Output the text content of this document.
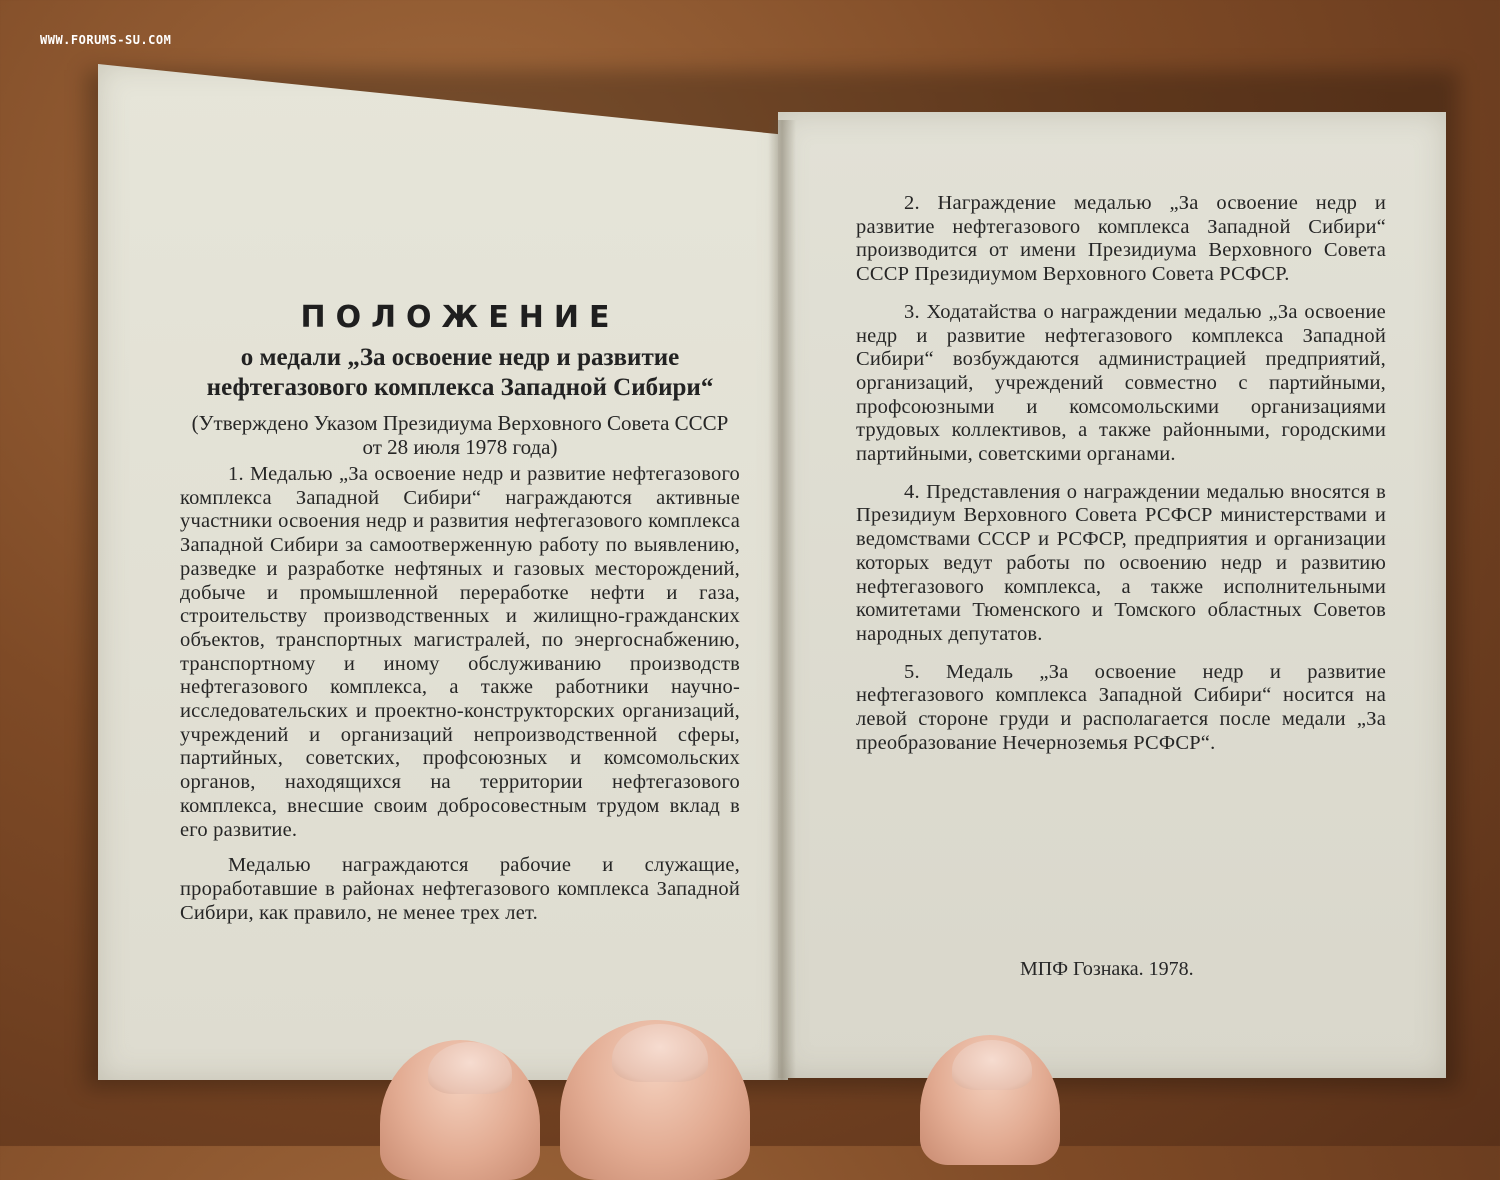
WWW.FORUMS-SU.COM
ПОЛОЖЕНИЕ

о медали „За освоение недр и развитие

нефтегазового комплекса Западной Сибири“

(Утверждено Указом Президиума Верховного Совета СССР от 28 июля 1978 года)

1. Медалью „За освоение недр и развитие нефтегазового комплекса Западной Сибири“ награждаются активные участники освоения недр и развития нефтегазового комплекса Западной Сибири за самоотверженную работу по выявлению, разведке и разработке нефтяных и газовых месторождений, добыче и промышленной переработке нефти и газа, строительству производственных и жилищно-гражданских объектов, транспортных магистралей, по энергоснабжению, транспортному и иному обслуживанию производств нефтегазового комплекса, а также работники научно-исследовательских и проектно-конструкторских организаций, учреждений и организаций непроизводственной сферы, партийных, советских, профсоюзных и комсомольских органов, находящихся на территории нефтегазового комплекса, внесшие своим добросовестным трудом вклад в его развитие.

Медалью награждаются рабочие и служащие, проработавшие в районах нефтегазового комплекса Западной Сибири, как правило, не менее трех лет.

2. Награждение медалью „За освоение недр и развитие нефтегазового комплекса Западной Сибири“ производится от имени Президиума Верховного Совета СССР Президиумом Верховного Совета РСФСР.

3. Ходатайства о награждении медалью „За освоение недр и развитие нефтегазового комплекса Западной Сибири“ возбуждаются администрацией предприятий, организаций, учреждений совместно с партийными, профсоюзными и комсомольскими организациями трудовых коллективов, а также районными, городскими партийными, советскими органами.

4. Представления о награждении медалью вносятся в Президиум Верховного Совета РСФСР министерствами и ведомствами СССР и РСФСР, предприятия и организации которых ведут работы по освоению недр и развитию нефтегазового комплекса, а также исполнительными комитетами Тюменского и Томского областных Советов народных депутатов.

5. Медаль „За освоение недр и развитие нефтегазового комплекса Западной Сибири“ носится на левой стороне груди и располагается после медали „За преобразование Нечерноземья РСФСР“.

МПФ Гознака. 1978.
